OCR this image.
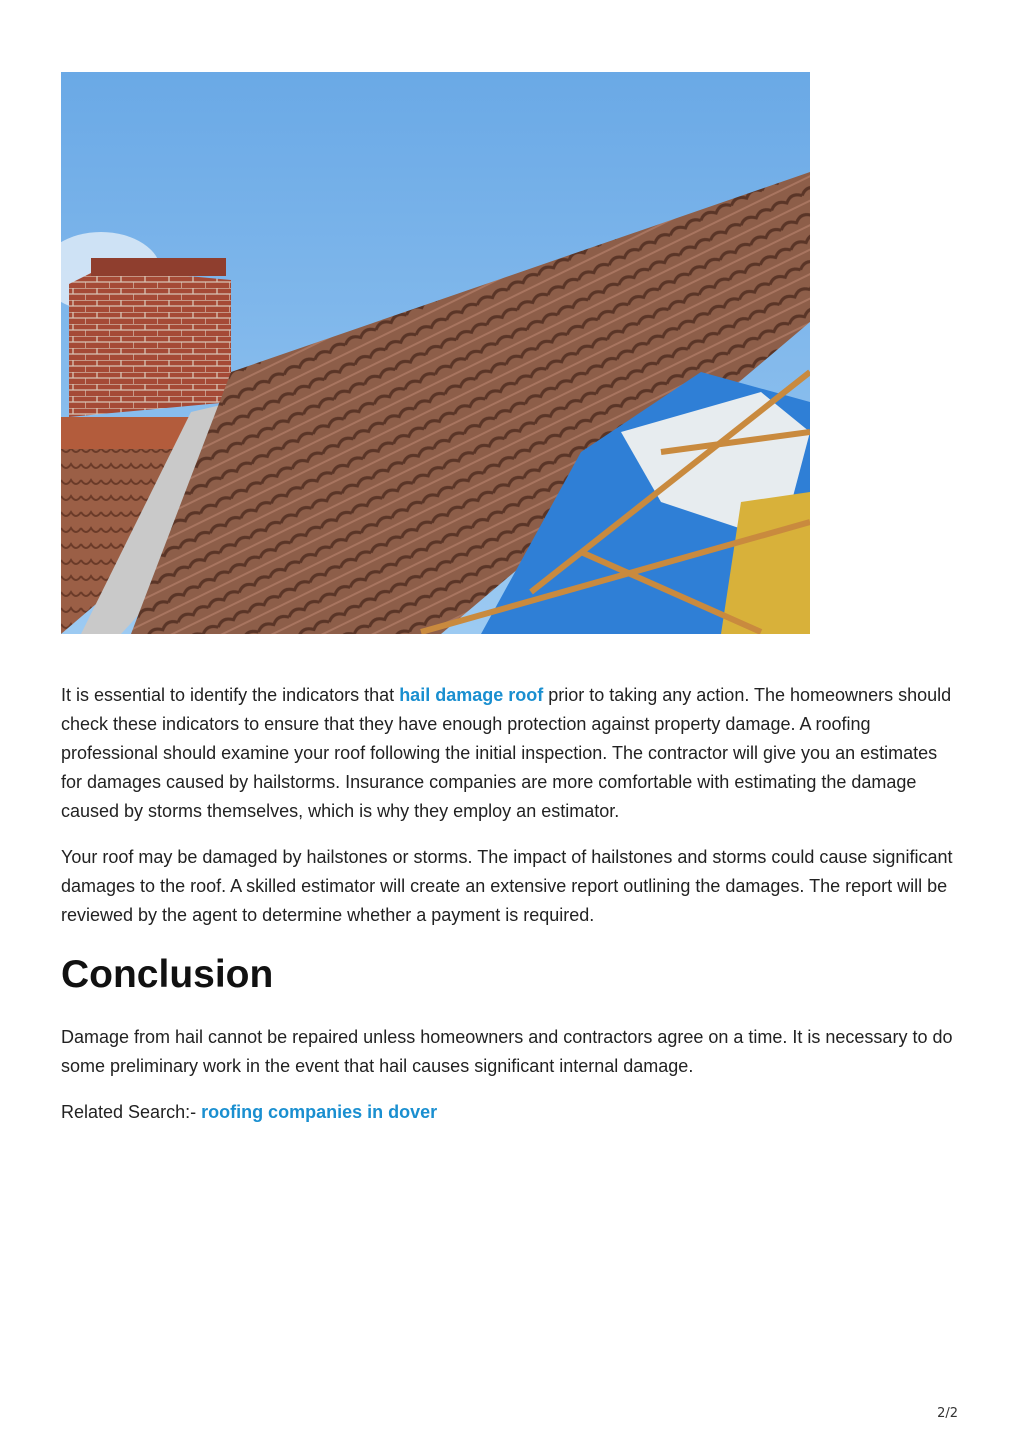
It is essential to identify the indicators that hail damage roof prior to taking any action. The homeowners should check these indicators to ensure that they have enough protection against property damage. A roofing professional should examine your roof following the initial inspection. The contractor will give you an estimates for damages caused by hailstorms. Insurance companies are more comfortable with estimating the damage caused by storms themselves, which is why they employ an estimator.

Your roof may be damaged by hailstones or storms. The impact of hailstones and storms could cause significant damages to the roof. A skilled estimator will create an extensive report outlining the damages. The report will be reviewed by the agent to determine whether a payment is required.

Conclusion

Damage from hail cannot be repaired unless homeowners and contractors agree on a time. It is necessary to do some preliminary work in the event that hail causes significant internal damage.

Related Search:- roofing companies in dover

2/2
